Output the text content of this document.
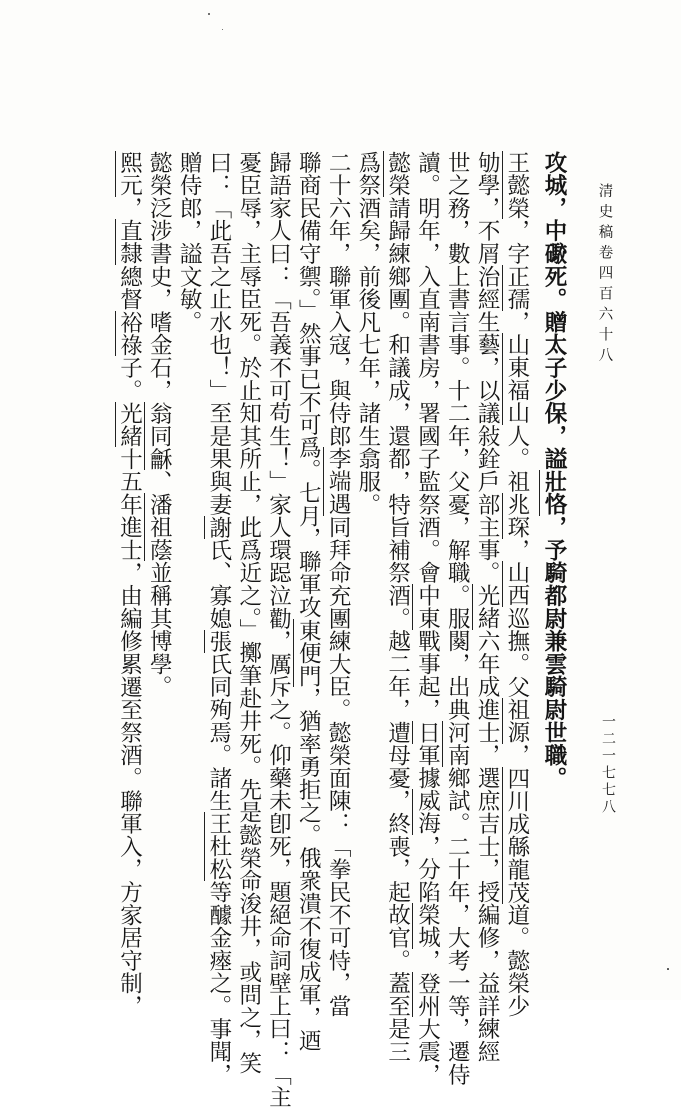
清史稿卷四百六十八
一二一七七八
攻城，中礮死。贈太子少保，謚壯恪，予騎都尉兼雲騎尉世職。
王懿榮，字正孺，山東福山人。祖兆琛，山西巡撫。父祖源，四川成緜龍茂道。懿榮少
劬學，不屑治經生藝，以議敍銓戶部主事。光緒六年成進士，選庶吉士，授編修，益詳練經
世之務，數上書言事。十二年，父憂，解職。服闋，出典河南鄉試。二十年，大考一等，遷侍
讀。明年，入直南書房，署國子監祭酒。會中東戰事起，日軍據威海，分陷榮城，登州大震，
懿榮請歸練鄉團。和議成，還都，特旨補祭酒。越二年，遭母憂，終喪，起故官。蓋至是三
爲祭酒矣，前後凡七年，諸生翕服。
二十六年，聯軍入寇，與侍郎李端遇同拜命充團練大臣。懿榮面陳：「拳民不可恃，當
聯商民備守禦。」然事已不可爲。七月，聯軍攻東便門，猶率勇拒之。俄衆潰不復成軍，迺
歸語家人曰：「吾義不可苟生！」家人環跽泣勸，厲斥之。仰藥未卽死，題絕命詞壁上曰：「主
憂臣辱，主辱臣死。於止知其所止，此爲近之。」擲筆赴井死。先是懿榮命浚井，或問之，笑
曰：「此吾之止水也！」至是果與妻謝氏、寡媳張氏同殉焉。諸生王杜松等醵金瘞之。事聞，
贈侍郎，謚文敏。
懿榮泛涉書史，嗜金石，翁同龢、潘祖蔭並稱其博學。
熙元，直隸總督裕祿子。光緒十五年進士，由編修累遷至祭酒。聯軍入，方家居守制，
